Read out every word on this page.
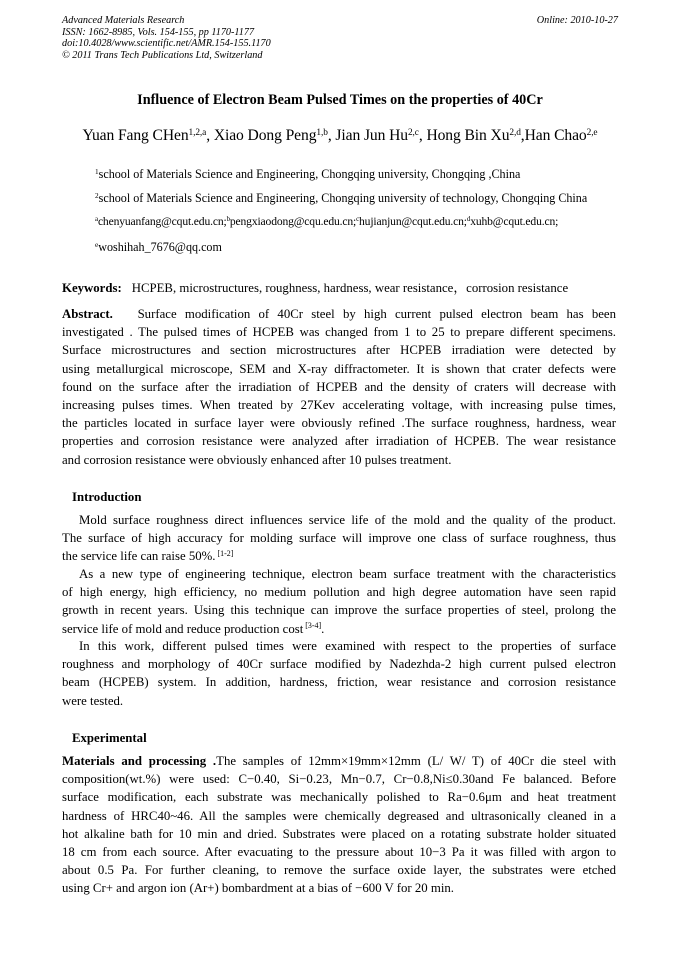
Advanced Materials Research
ISSN: 1662-8985, Vols. 154-155, pp 1170-1177
doi:10.4028/www.scientific.net/AMR.154-155.1170
© 2011 Trans Tech Publications Ltd, Switzerland
Online: 2010-10-27
Influence of Electron Beam Pulsed Times on the properties of 40Cr
Yuan Fang CHen$^{1,2,a}$, Xiao Dong Peng$^{1,b}$, Jian Jun Hu$^{2,c}$, Hong Bin Xu$^{2,d}$,Han Chao$^{2,e}$
$^1$school of Materials Science and Engineering, Chongqing university, Chongqing ,China
$^2$school of Materials Science and Engineering, Chongqing university of technology, Chongqing China
$^a$chenyuanfang@cqut.edu.cn;$^b$pengxiaodong@cqu.edu.cn;$^c$hujianjun@cqut.edu.cn;$^d$xuhb@cqut.edu.cn;
$^e$woshihah_7676@qq.com
Keywords: HCPEB, microstructures, roughness, hardness, wear resistance，corrosion resistance
Abstract. Surface modification of 40Cr steel by high current pulsed electron beam has been
investigated . The pulsed times of HCPEB was changed from 1 to 25 to prepare different specimens.
Surface microstructures and section microstructures after HCPEB irradiation were detected by
using metallurgical microscope, SEM and X-ray diffractometer. It is shown that crater defects were
found on the surface after the irradiation of HCPEB and the density of craters will decrease with
increasing pulses times. When treated by 27Kev accelerating voltage, with increasing pulse times,
the particles located in surface layer were obviously refined .The surface roughness, hardness, wear
properties and corrosion resistance were analyzed after irradiation of HCPEB. The wear resistance
and corrosion resistance were obviously enhanced after 10 pulses treatment.
Introduction
Mold surface roughness direct influences service life of the mold and the quality of the product.
The surface of high accuracy for molding surface will improve one class of surface roughness, thus
the service life can raise 50%. [1-2]
As a new type of engineering technique, electron beam surface treatment with the characteristics
of high energy, high efficiency, no medium pollution and high degree automation have seen rapid
growth in recent years. Using this technique can improve the surface properties of steel, prolong the
service life of mold and reduce production cost [3-4].
In this work, different pulsed times were examined with respect to the properties of surface
roughness and morphology of 40Cr surface modified by Nadezhda-2 high current pulsed electron
beam (HCPEB) system. In addition, hardness, friction, wear resistance and corrosion resistance
were tested.
Experimental
Materials and processing .The samples of 12mm×19mm×12mm (L/ W/ T) of 40Cr die steel with
composition(wt.%) were used: C−0.40, Si−0.23, Mn−0.7, Cr−0.8,Ni≤0.30and Fe balanced. Before
surface modification, each substrate was mechanically polished to Ra−0.6μm and heat treatment
hardness of HRC40~46. All the samples were chemically degreased and ultrasonically cleaned in a
hot alkaline bath for 10 min and dried. Substrates were placed on a rotating substrate holder situated
18 cm from each source. After evacuating to the pressure about 10−3 Pa it was filled with argon to
about 0.5 Pa. For further cleaning, to remove the surface oxide layer, the substrates were etched
using Cr+ and argon ion (Ar+) bombardment at a bias of −600 V for 20 min.
